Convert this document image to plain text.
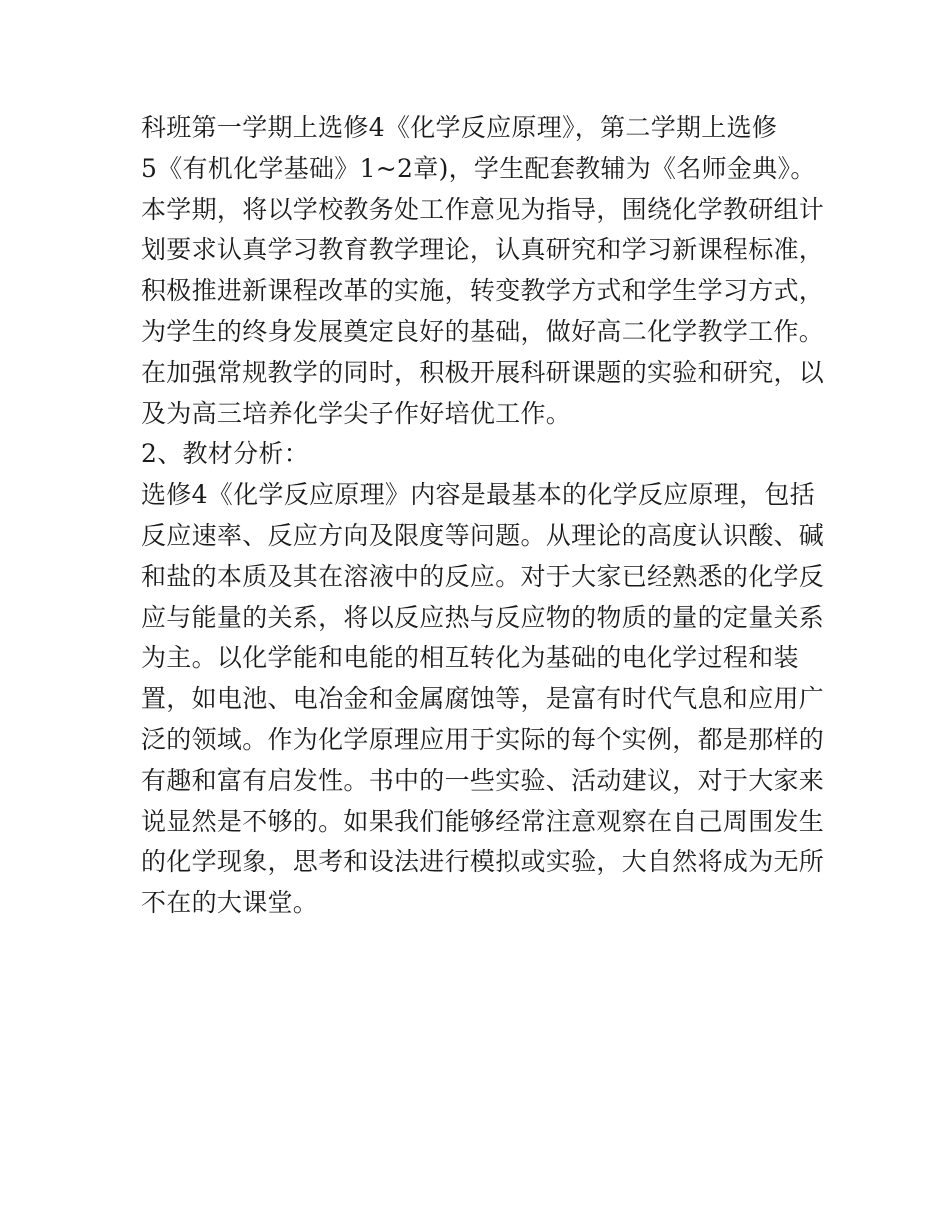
科班第一学期上选修4《化学反应原理》，第二学期上选修
5《有机化学基础》1~2章)，学生配套教辅为《名师金典》。
本学期，将以学校教务处工作意见为指导，围绕化学教研组计
划要求认真学习教育教学理论，认真研究和学习新课程标准，
积极推进新课程改革的实施，转变教学方式和学生学习方式，
为学生的终身发展奠定良好的基础，做好高二化学教学工作。
在加强常规教学的同时，积极开展科研课题的实验和研究，以
及为高三培养化学尖子作好培优工作。
2、教材分析：
选修4《化学反应原理》内容是最基本的化学反应原理，包括
反应速率、反应方向及限度等问题。从理论的高度认识酸、碱
和盐的本质及其在溶液中的反应。对于大家已经熟悉的化学反
应与能量的关系，将以反应热与反应物的物质的量的定量关系
为主。以化学能和电能的相互转化为基础的电化学过程和装
置，如电池、电冶金和金属腐蚀等，是富有时代气息和应用广
泛的领域。作为化学原理应用于实际的每个实例，都是那样的
有趣和富有启发性。书中的一些实验、活动建议，对于大家来
说显然是不够的。如果我们能够经常注意观察在自己周围发生
的化学现象，思考和设法进行模拟或实验，大自然将成为无所
不在的大课堂。
